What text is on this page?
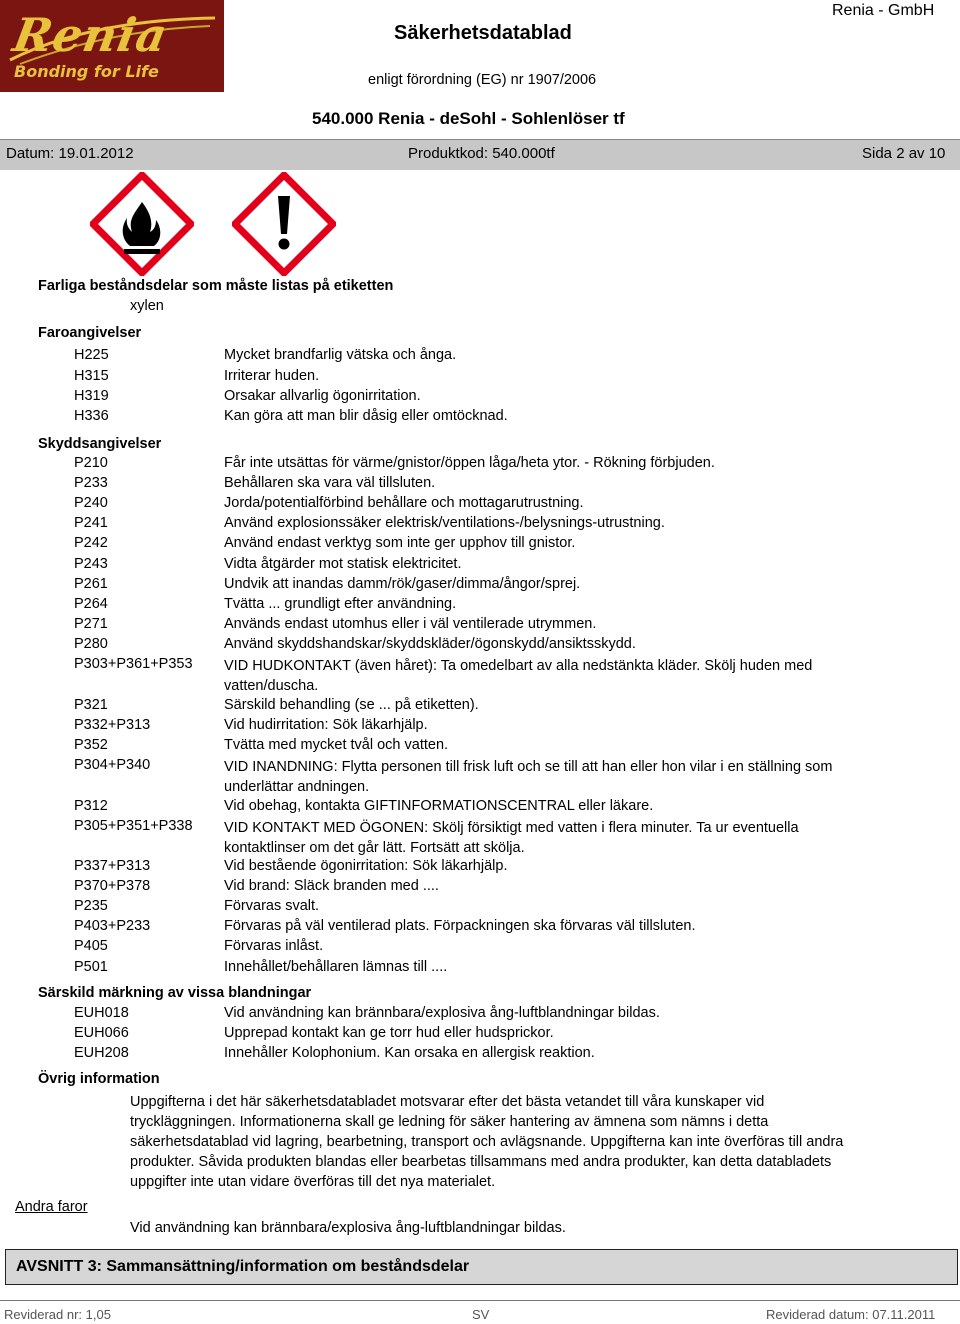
Renia
Bonding for Life
Säkerhetsdatablad
Renia - GmbH
enligt förordning (EG) nr 1907/2006
540.000 Renia - deSohl - Sohlenlöser tf
Datum: 19.01.2012	Produktkod: 540.000tf	Sida 2 av 10
Farliga beståndsdelar som måste listas på etiketten
xylen
Faroangivelser
H225	Mycket brandfarlig vätska och ånga.
H315	Irriterar huden.
H319	Orsakar allvarlig ögonirritation.
H336	Kan göra att man blir dåsig eller omtöcknad.
Skyddsangivelser
P210	Får inte utsättas för värme/gnistor/öppen låga/heta ytor. - Rökning förbjuden.
P233	Behållaren ska vara väl tillsluten.
P240	Jorda/potentialförbind behållare och mottagarutrustning.
P241	Använd explosionssäker elektrisk/ventilations-/belysnings-utrustning.
P242	Använd endast verktyg som inte ger upphov till gnistor.
P243	Vidta åtgärder mot statisk elektricitet.
P261	Undvik att inandas damm/rök/gaser/dimma/ångor/sprej.
P264	Tvätta ... grundligt efter användning.
P271	Används endast utomhus eller i väl ventilerade utrymmen.
P280	Använd skyddshandskar/skyddskläder/ögonskydd/ansiktsskydd.
P303+P361+P353 VID HUDKONTAKT (även håret): Ta omedelbart av alla nedstänkta kläder. Skölj huden med vatten/duscha.
P321	Särskild behandling (se ... på etiketten).
P332+P313	Vid hudirritation: Sök läkarhjälp.
P352	Tvätta med mycket tvål och vatten.
P304+P340	VID INANDNING: Flytta personen till frisk luft och se till att han eller hon vilar i en ställning som underlättar andningen.
P312	Vid obehag, kontakta GIFTINFORMATIONSCENTRAL eller läkare.
P305+P351+P338 VID KONTAKT MED ÖGONEN: Skölj försiktigt med vatten i flera minuter. Ta ur eventuella kontaktlinser om det går lätt. Fortsätt att skölja.
P337+P313	Vid bestående ögonirritation: Sök läkarhjälp.
P370+P378	Vid brand: Släck branden med ....
P235	Förvaras svalt.
P403+P233	Förvaras på väl ventilerad plats. Förpackningen ska förvaras väl tillsluten.
P405	Förvaras inlåst.
P501	Innehållet/behållaren lämnas till ....
Särskild märkning av vissa blandningar
EUH018	Vid användning kan brännbara/explosiva ång-luftblandningar bildas.
EUH066	Upprepad kontakt kan ge torr hud eller hudsprickor.
EUH208	Innehåller Kolophonium. Kan orsaka en allergisk reaktion.
Övrig information
Uppgifterna i det här säkerhetsdatabladet motsvarar efter det bästa vetandet till våra kunskaper vid tryckläggningen. Informationerna skall ge ledning för säker hantering av ämnena som nämns i detta säkerhetsdatablad vid lagring, bearbetning, transport och avlägsnande. Uppgifterna kan inte överföras till andra produkter. Såvida produkten blandas eller bearbetas tillsammans med andra produkter, kan detta databladets uppgifter inte utan vidare överföras till det nya materialet.
Andra faror
Vid användning kan brännbara/explosiva ång-luftblandningar bildas.
AVSNITT 3: Sammansättning/information om beståndsdelar
Reviderad nr: 1,05	SV	Reviderad datum: 07.11.2011
